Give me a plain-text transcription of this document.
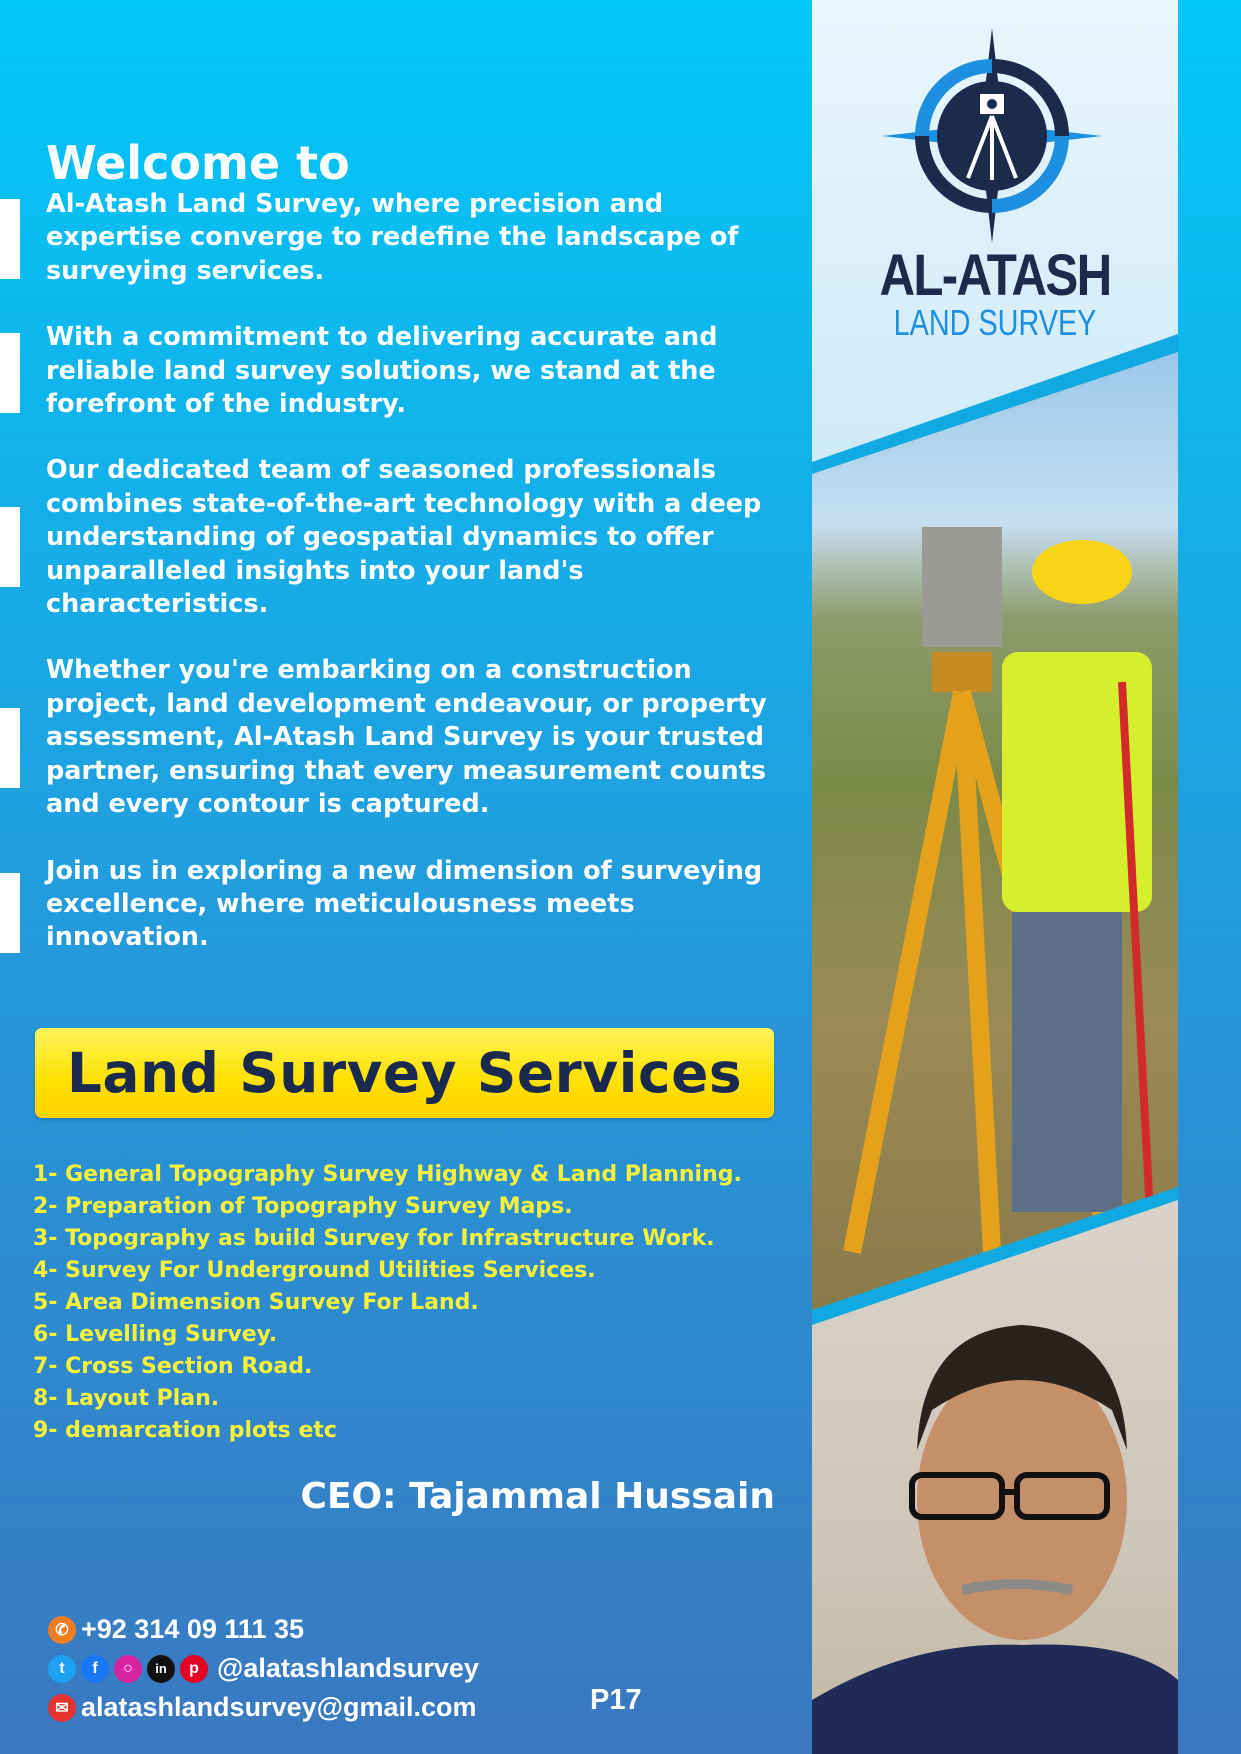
Welcome to

Al-Atash Land Survey, where precision and expertise converge to redefine the landscape of surveying services.

With a commitment to delivering accurate and reliable land survey solutions, we stand at the forefront of the industry.

Our dedicated team of seasoned professionals combines state-of-the-art technology with a deep understanding of geospatial dynamics to offer unparalleled insights into your land's characteristics.

Whether you're embarking on a construction project, land development endeavour, or property assessment, Al-Atash Land Survey is your trusted partner, ensuring that every measurement counts and every contour is captured.

Join us in exploring a new dimension of surveying excellence, where meticulousness meets innovation.

Land Survey Services
1- General Topography Survey Highway & Land Planning.
2- Preparation of Topography Survey Maps.
3- Topography as build Survey for Infrastructure Work.
4- Survey For Underground Utilities Services.
5- Area Dimension Survey For Land.
6- Levelling Survey.
7- Cross Section Road.
8- Layout Plan.
9- demarcation plots etc
CEO: Tajammal Hussain
✆ +92 314 09 111 35
t	f	○	in	p @alatashlandsurvey
✉ alatashlandsurvey@gmail.com	P17
AL-ATASH
LAND SURVEY
